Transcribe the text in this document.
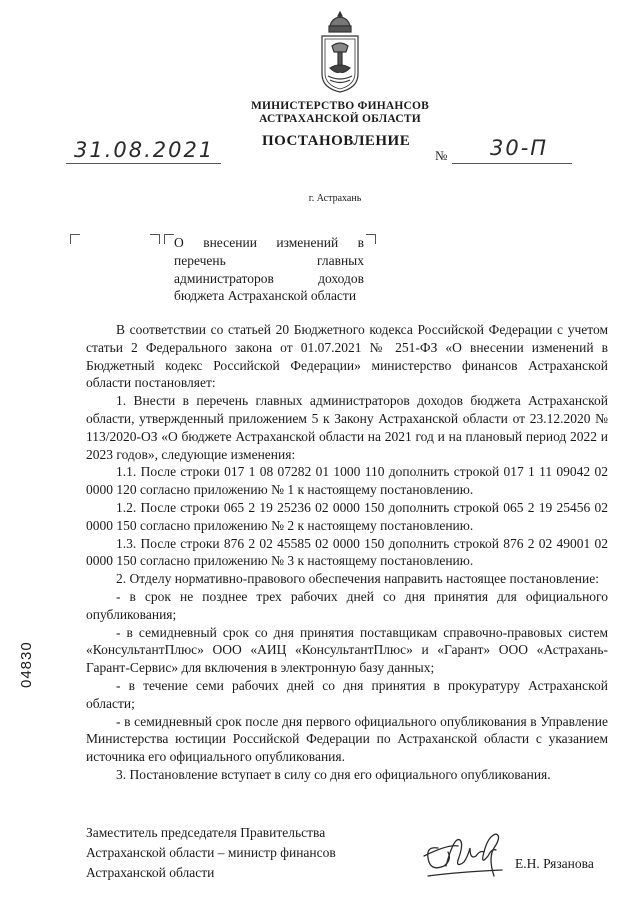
МИНИСТЕРСТВО ФИНАНСОВ
АСТРАХАНСКОЙ ОБЛАСТИ
ПОСТАНОВЛЕНИЕ
31.08.2021	№ 30-П
г. Астрахань
О внесении изменений в перечень главных администраторов доходов бюджета Астраханской области

В соответствии со статьей 20 Бюджетного кодекса Российской Федерации с учетом статьи 2 Федерального закона от 01.07.2021 № 251-ФЗ «О внесении изменений в Бюджетный кодекс Российской Федерации» министерство финансов Астраханской области постановляет:

1. Внести в перечень главных администраторов доходов бюджета Астраханской области, утвержденный приложением 5 к Закону Астраханской области от 23.12.2020 № 113/2020-ОЗ «О бюджете Астраханской области на 2021 год и на плановый период 2022 и 2023 годов», следующие изменения:

1.1. После строки 017 1 08 07282 01 1000 110 дополнить строкой 017 1 11 09042 02 0000 120 согласно приложению № 1 к настоящему постановлению.

1.2. После строки 065 2 19 25236 02 0000 150 дополнить строкой 065 2 19 25456 02 0000 150 согласно приложению № 2 к настоящему постановлению.

1.3. После строки 876 2 02 45585 02 0000 150 дополнить строкой 876 2 02 49001 02 0000 150 согласно приложению № 3 к настоящему постановлению.

2. Отделу нормативно-правового обеспечения направить настоящее постановление:

- в срок не позднее трех рабочих дней со дня принятия для официального опубликования;

- в семидневный срок со дня принятия поставщикам справочно-правовых систем «КонсультантПлюс» ООО «АИЦ «КонсультантПлюс» и «Гарант» ООО «Астрахань-Гарант-Сервис» для включения в электронную базу данных;

- в течение семи рабочих дней со дня принятия в прокуратуру Астраханской области;

- в семидневный срок после дня первого официального опубликования в Управление Министерства юстиции Российской Федерации по Астраханской области с указанием источника его официального опубликования.

3. Постановление вступает в силу со дня его официального опубликования.

04830
Заместитель председателя Правительства
Астраханской области – министр финансов
Астраханской области
Е.Н. Рязанова
